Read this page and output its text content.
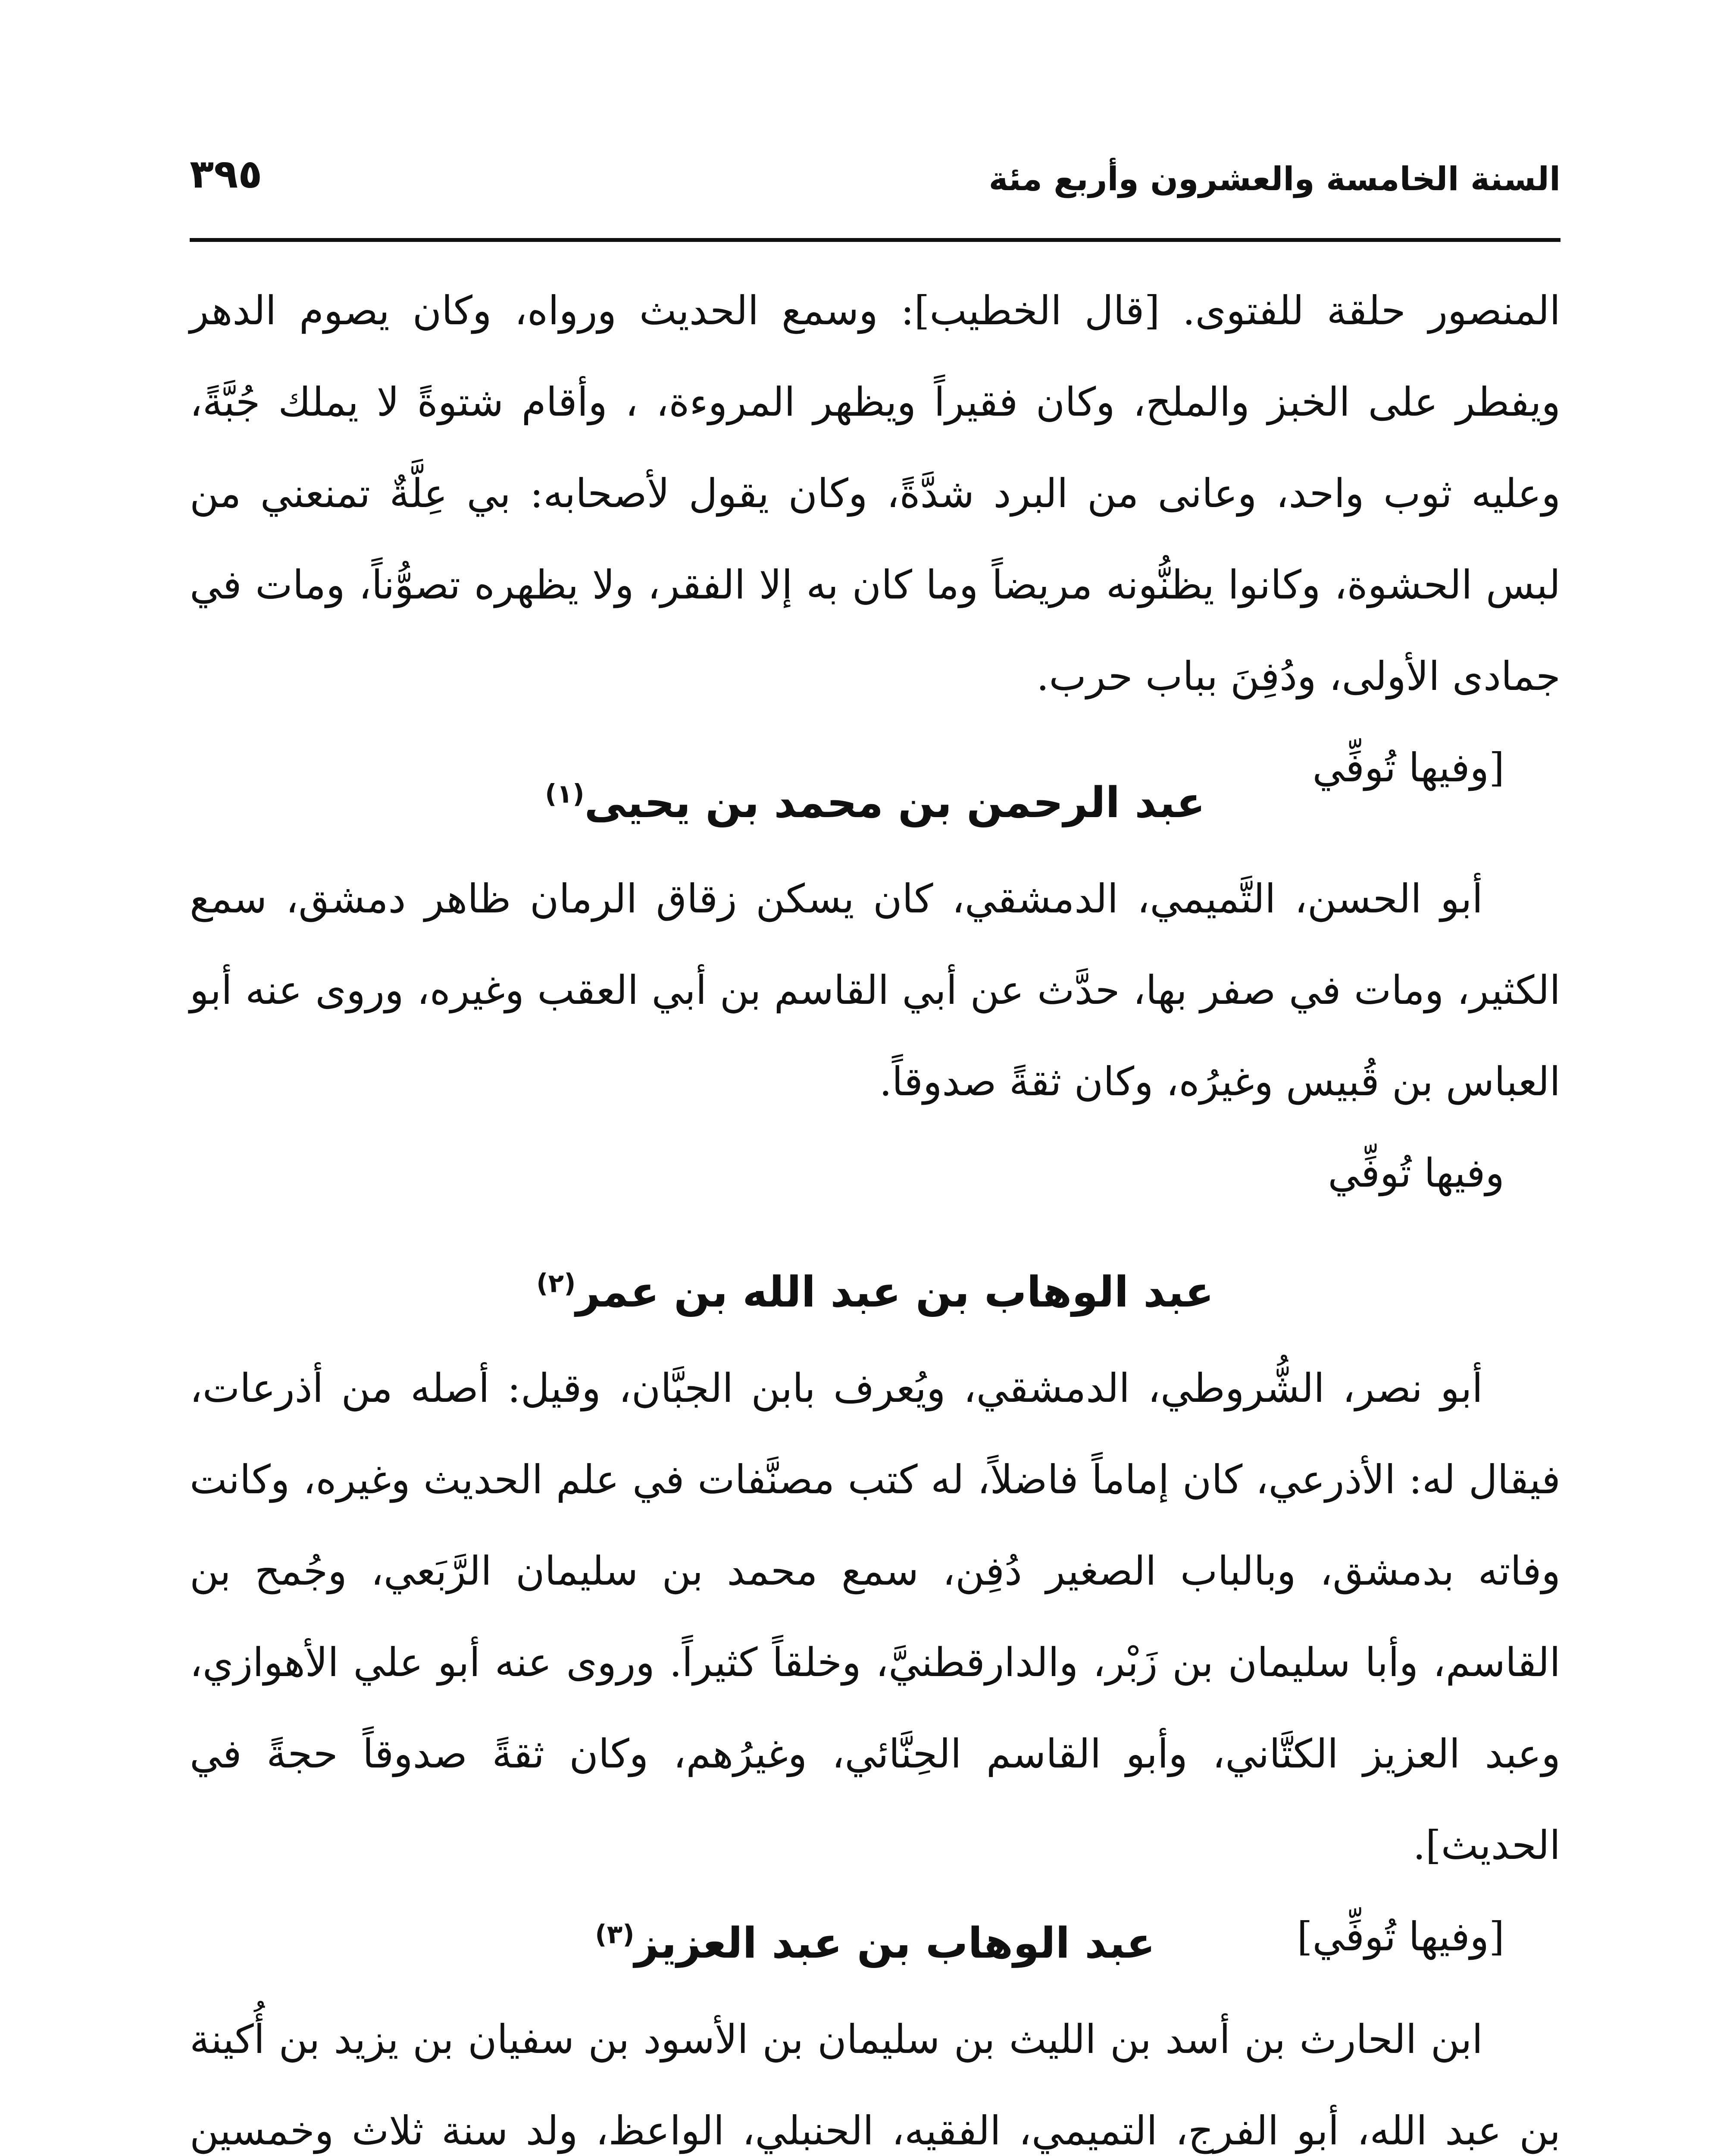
٣٩٥	السنة الخامسة والعشرون وأربع مئة

المنصور حلقة للفتوى. [قال الخطيب]: وسمع الحديث ورواه، وكان يصوم الدهر ويفطر على الخبز والملح، وكان فقيراً ويظهر المروءة، ، وأقام شتوةً لا يملك جُبَّةً، وعليه ثوب واحد، وعانى من البرد شدَّةً، وكان يقول لأصحابه: بي عِلَّةٌ تمنعني من لبس الحشوة، وكانوا يظنُّونه مريضاً وما كان به إلا الفقر، ولا يظهره تصوُّناً، ومات في جمادى الأولى، ودُفِنَ بباب حرب.

[وفيها تُوفِّي

عبد الرحمن بن محمد بن يحيى$^{(١)}$

أبو الحسن، التَّميمي، الدمشقي، كان يسكن زقاق الرمان ظاهر دمشق، سمع الكثير، ومات في صفر بها، حدَّث عن أبي القاسم بن أبي العقب وغيره، وروى عنه أبو العباس بن قُبيس وغيرُه، وكان ثقةً صدوقاً.

وفيها تُوفِّي

عبد الوهاب بن عبد الله بن عمر$^{(٢)}$

أبو نصر، الشُّروطي، الدمشقي، ويُعرف بابن الجبَّان، وقيل: أصله من أذرعات، فيقال له: الأذرعي، كان إماماً فاضلاً، له كتب مصنَّفات في علم الحديث وغيره، وكانت وفاته بدمشق، وبالباب الصغير دُفِن، سمع محمد بن سليمان الرَّبَعي، وجُمح بن القاسم، وأبا سليمان بن زَبْر، والدارقطنيَّ، وخلقاً كثيراً. وروى عنه أبو علي الأهوازي، وعبد العزيز الكتَّاني، وأبو القاسم الحِنَّائي، وغيرُهم، وكان ثقةً صدوقاً حجةً في الحديث].

[وفيها تُوفِّي]

عبد الوهاب بن عبد العزيز$^{(٣)}$

ابن الحارث بن أسد بن الليث بن سليمان بن الأسود بن سفيان بن يزيد بن أُكينة بن عبد الله، أبو الفرج، التميمي، الفقيه، الحنبلي، الواعظ، ولد سنة ثلاث وخمسين
